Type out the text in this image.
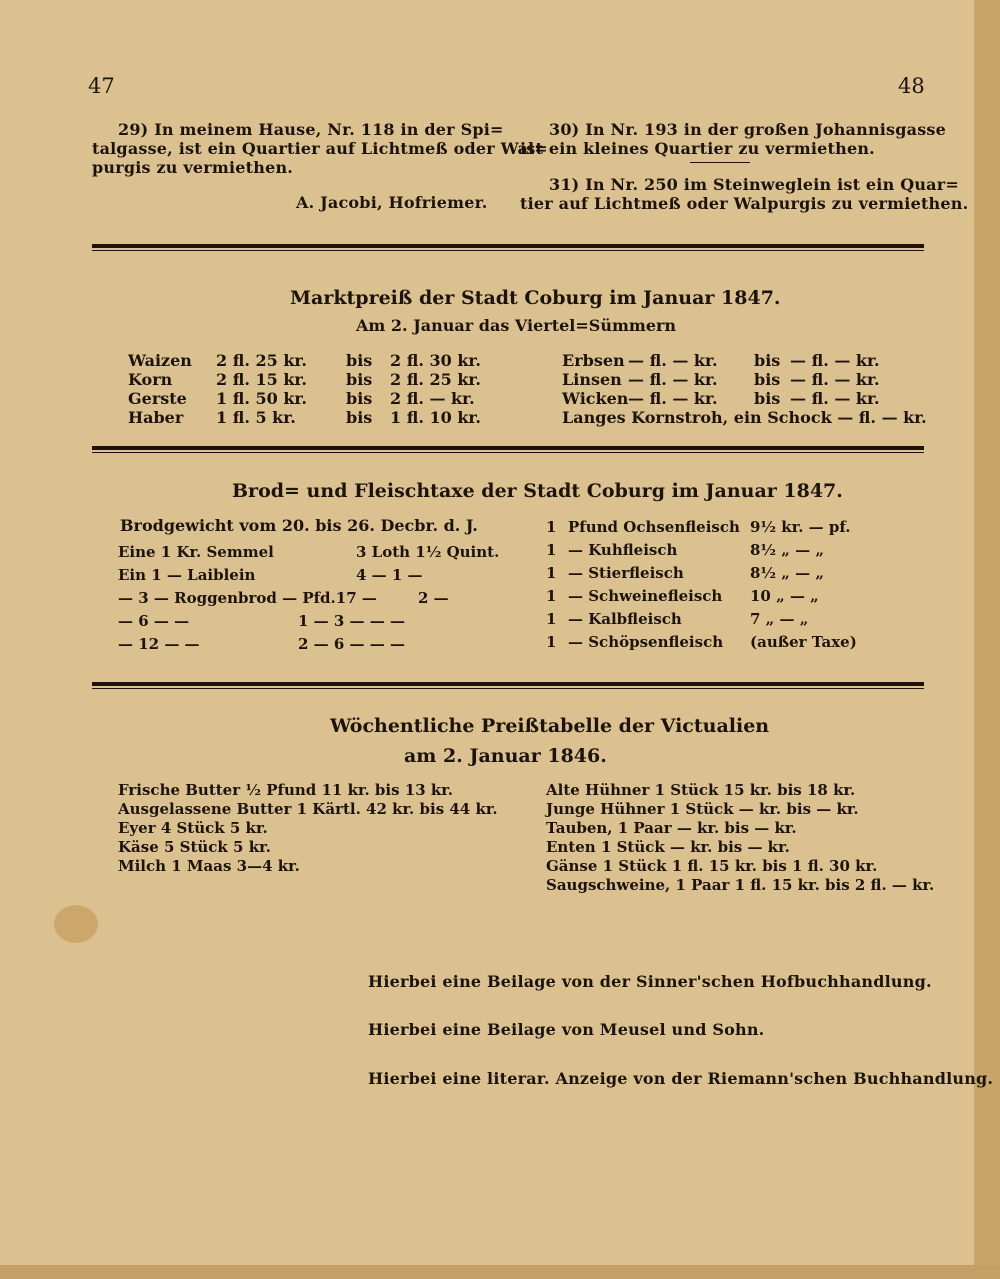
47	48
29) In meinem Hause, Nr. 118 in der Spi=
talgasse, ist ein Quartier auf Lichtmeß oder Wal=
purgis zu vermiethen.
A. Jacobi, Hofriemer.
30) In Nr. 193 in der großen Johannisgasse
ist ein kleines Quartier zu vermiethen.
31) In Nr. 250 im Steinweglein ist ein Quar=
tier auf Lichtmeß oder Walpurgis zu vermiethen.
Marktpreiß der Stadt Coburg im Januar 1847.
Am 2. Januar das Viertel=Sümmern
Waizen 2 fl. 25 kr. bis 2 fl. 30 kr.
Korn	2 fl. 15 kr. bis 2 fl. 25 kr.
Gerste 1 fl. 50 kr. bis 2 fl. — kr.
Haber 1 fl. 5 kr.	bis 1 fl. 10 kr.
Erbsen — fl. — kr. bis — fl. — kr.
Linsen — fl. — kr. bis — fl. — kr.
Wicken — fl. — kr. bis — fl. — kr.
Langes Kornstroh, ein Schock — fl. — kr.
Brod= und Fleischtaxe der Stadt Coburg im Januar 1847.
Brodgewicht vom 20. bis 26. Decbr. d. J.
Eine 1 Kr. Semmel	3 Loth 1½ Quint.
Ein 1 — Laiblein	4 — 1 —
— 3 — Roggenbrod — Pfd.17 —	2 —
— 6 — —	1 — 3 — — —
— 12 — —	2 — 6 — — —
1 Pfund Ochsenfleisch 9½ kr. — pf.
1 — Kuhfleisch	8½ „ — „
1 — Stierfleisch	8½ „ — „
1 — Schweinefleisch 10 „ — „
1 — Kalbfleisch	7 „ — „
1 — Schöpsenfleisch (außer Taxe)
Wöchentliche Preißtabelle der Victualien
am 2. Januar 1846.
Frische Butter ½ Pfund 11 kr. bis 13 kr.
Ausgelassene Butter 1 Kärtl. 42 kr. bis 44 kr.
Eyer 4 Stück 5 kr.
Käse 5 Stück 5 kr.
Milch 1 Maas 3—4 kr.
Alte Hühner 1 Stück 15 kr. bis 18 kr.
Junge Hühner 1 Stück — kr. bis — kr.
Tauben, 1 Paar — kr. bis — kr.
Enten 1 Stück — kr. bis — kr.
Gänse 1 Stück 1 fl. 15 kr. bis 1 fl. 30 kr.
Saugschweine, 1 Paar 1 fl. 15 kr. bis 2 fl. — kr.
Hierbei eine Beilage von der Sinner'schen Hofbuchhandlung.
Hierbei eine Beilage von Meusel und Sohn.
Hierbei eine literar. Anzeige von der Riemann'schen Buchhandlung.
